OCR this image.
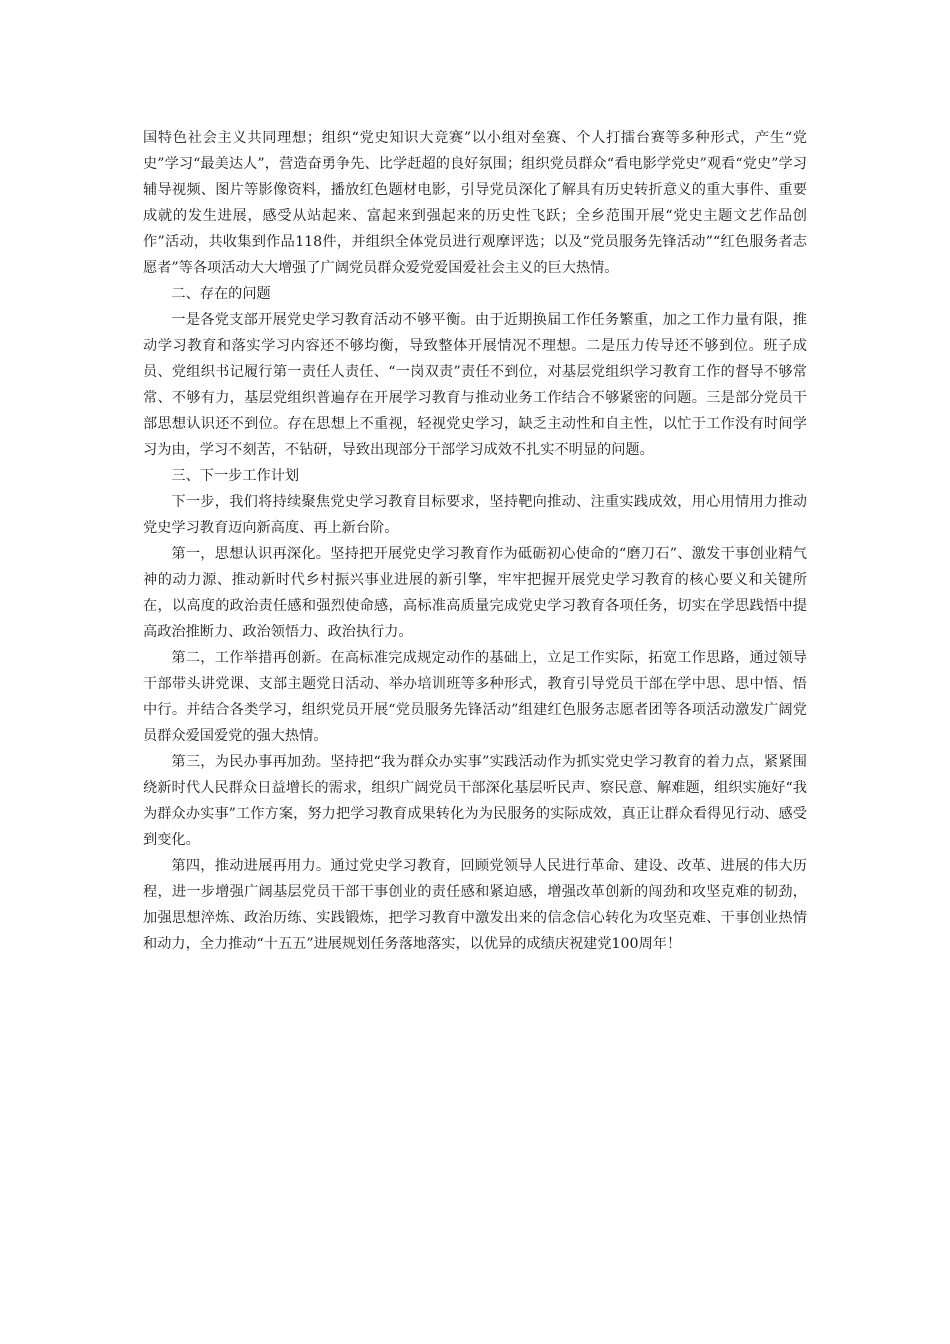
国特色社会主义共同理想；组织“党史知识大竞赛”以小组对垒赛、个人打擂台赛等多种形式，产生“党史”学习“最美达人”，营造奋勇争先、比学赶超的良好氛围；组织党员群众“看电影学党史”观看“党史”学习辅导视频、图片等影像资料，播放红色题材电影，引导党员深化了解具有历史转折意义的重大事件、重要成就的发生进展，感受从站起来、富起来到强起来的历史性飞跃；全乡范围开展“党史主题文艺作品创作”活动，共收集到作品118件，并组织全体党员进行观摩评选；以及“党员服务先锋活动”“红色服务者志愿者”等各项活动大大增强了广阔党员群众爱党爱国爱社会主义的巨大热情。

二、存在的问题

一是各党支部开展党史学习教育活动不够平衡。由于近期换届工作任务繁重，加之工作力量有限，推动学习教育和落实学习内容还不够均衡，导致整体开展情况不理想。二是压力传导还不够到位。班子成员、党组织书记履行第一责任人责任、“一岗双责”责任不到位，对基层党组织学习教育工作的督导不够常常、不够有力，基层党组织普遍存在开展学习教育与推动业务工作结合不够紧密的问题。三是部分党员干部思想认识还不到位。存在思想上不重视，轻视党史学习，缺乏主动性和自主性，以忙于工作没有时间学习为由，学习不刻苦，不钻研，导致出现部分干部学习成效不扎实不明显的问题。

三、下一步工作计划

下一步，我们将持续聚焦党史学习教育目标要求，坚持靶向推动、注重实践成效，用心用情用力推动党史学习教育迈向新高度、再上新台阶。

第一，思想认识再深化。坚持把开展党史学习教育作为砥砺初心使命的“磨刀石”、激发干事创业精气神的动力源、推动新时代乡村振兴事业进展的新引擎，牢牢把握开展党史学习教育的核心要义和关键所在，以高度的政治责任感和强烈使命感，高标准高质量完成党史学习教育各项任务，切实在学思践悟中提高政治推断力、政治领悟力、政治执行力。

第二，工作举措再创新。在高标准完成规定动作的基础上，立足工作实际，拓宽工作思路，通过领导干部带头讲党课、支部主题党日活动、举办培训班等多种形式，教育引导党员干部在学中思、思中悟、悟中行。并结合各类学习，组织党员开展“党员服务先锋活动”组建红色服务志愿者团等各项活动激发广阔党员群众爱国爱党的强大热情。

第三，为民办事再加劲。坚持把“我为群众办实事”实践活动作为抓实党史学习教育的着力点，紧紧围绕新时代人民群众日益增长的需求，组织广阔党员干部深化基层听民声、察民意、解难题，组织实施好“我为群众办实事”工作方案，努力把学习教育成果转化为为民服务的实际成效，真正让群众看得见行动、感受到变化。

第四，推动进展再用力。通过党史学习教育，回顾党领导人民进行革命、建设、改革、进展的伟大历程，进一步增强广阔基层党员干部干事创业的责任感和紧迫感，增强改革创新的闯劲和攻坚克难的韧劲，加强思想淬炼、政治历练、实践锻炼，把学习教育中激发出来的信念信心转化为攻坚克难、干事创业热情和动力，全力推动“十五五”进展规划任务落地落实，以优异的成绩庆祝建党100周年！
